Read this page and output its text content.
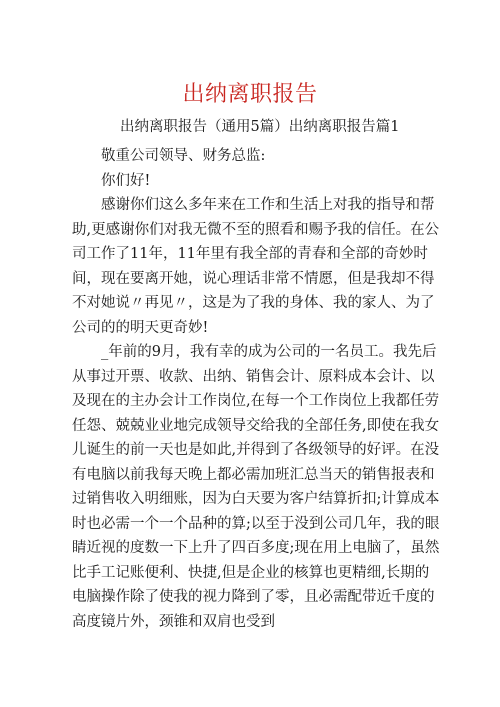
出纳离职报告
出纳离职报告（通用5篇）出纳离职报告篇1

敬重公司领导、财务总监:

你们好!

感谢你们这么多年来在工作和生活上对我的指导和帮助,更感谢你们对我无微不至的照看和赐予我的信任。在公司工作了11年，11年里有我全部的青春和全部的奇妙时间，现在要离开她，说心理话非常不情愿，但是我却不得不对她说〃再见〃，这是为了我的身体、我的家人、为了公司的的明天更奇妙!

_年前的9月，我有幸的成为公司的一名员工。我先后从事过开票、收款、出纳、销售会计、原料成本会计、以及现在的主办会计工作岗位,在每一个工作岗位上我都任劳任怨、兢兢业业地完成领导交给我的全部任务,即使在我女儿诞生的前一天也是如此,并得到了各级领导的好评。在没有电脑以前我每天晚上都必需加班汇总当天的销售报表和过销售收入明细账，因为白天要为客户结算折扣;计算成本时也必需一个一个品种的算;以至于没到公司几年，我的眼睛近视的度数一下上升了四百多度;现在用上电脑了，虽然比手工记账便利、快捷,但是企业的核算也更精细,长期的电脑操作除了使我的视力降到了零，且必需配带近千度的高度镜片外，颈锥和双肩也受到
